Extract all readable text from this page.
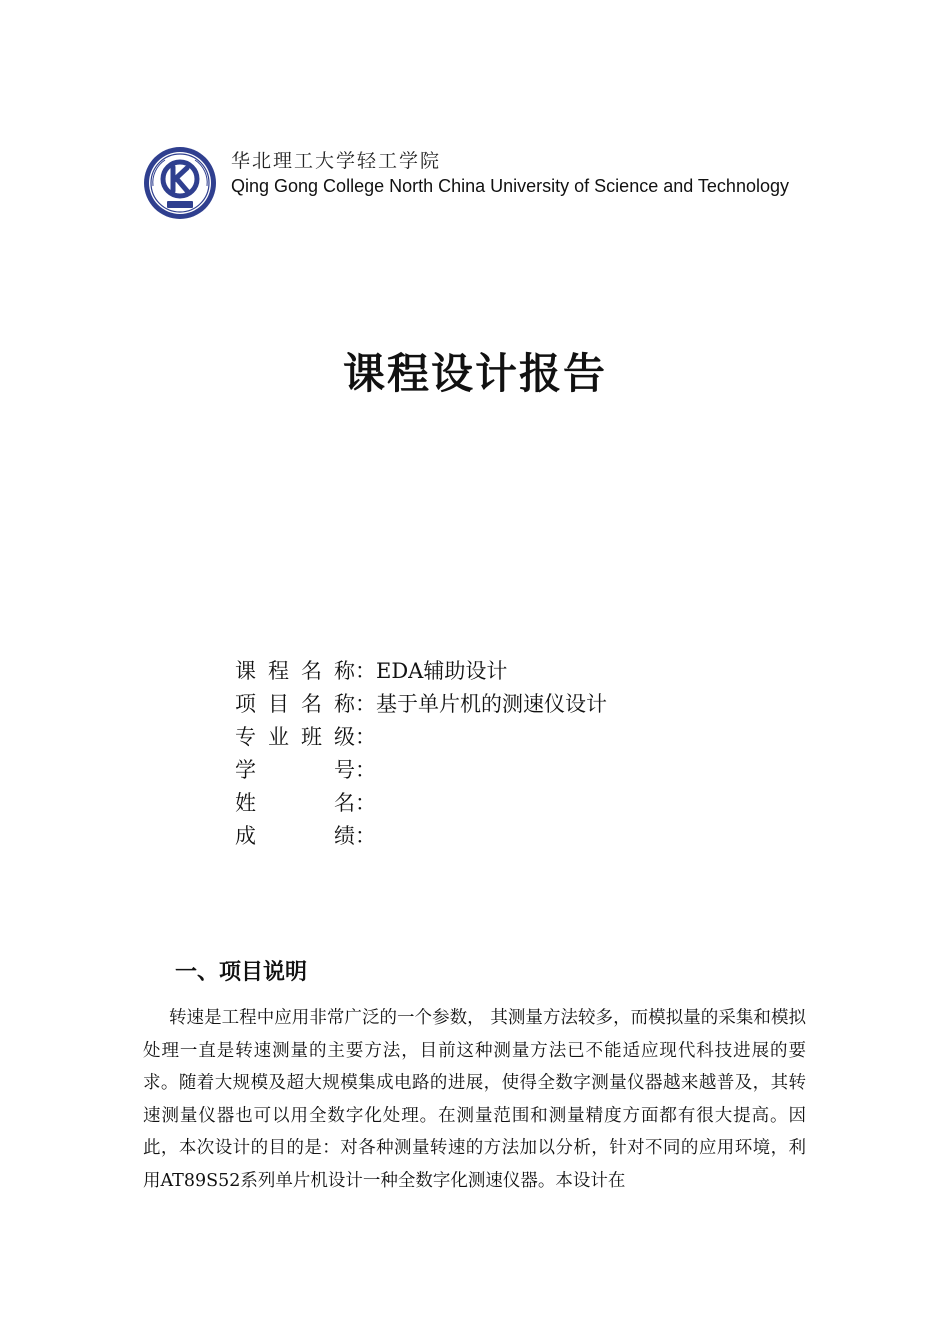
华北理工大学轻工学院
Qing Gong College North China University of Science and Technology
课程设计报告
课程名称：EDA辅助设计
项目名称：基于单片机的测速仪设计
专业班级：
学号：
姓名：
成绩：
一、项目说明
转速是工程中应用非常广泛的一个参数， 其测量方法较多，而模拟量的采集和模拟处理一直是转速测量的主要方法，目前这种测量方法已不能适应现代科技进展的要求。随着大规模及超大规模集成电路的进展，使得全数字测量仪器越来越普及，其转速测量仪器也可以用全数字化处理。在测量范围和测量精度方面都有很大提高。因此，本次设计的目的是：对各种测量转速的方法加以分析，针对不同的应用环境，利用AT89S52系列单片机设计一种全数字化测速仪器。本设计在
